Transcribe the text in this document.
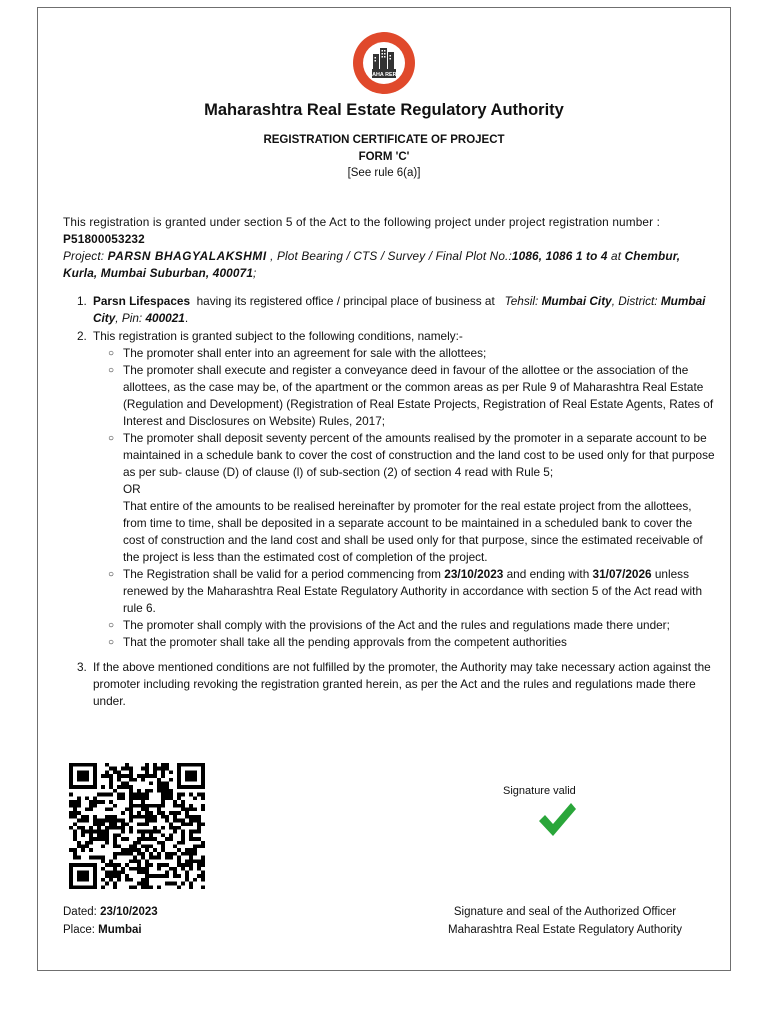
MAHA RERA
Maharashtra Real Estate Regulatory Authority
REGISTRATION CERTIFICATE OF PROJECT
FORM 'C'
[See rule 6(a)]

This registration is granted under section 5 of the Act to the following project under project registration number :

P51800053232

Project: PARSN BHAGYALAKSHMI , Plot Bearing / CTS / Survey / Final Plot No.:1086, 1086 1 to 4 at Chembur, Kurla, Mumbai Suburban, 400071;

1. Parsn Lifespaces  having its registered office / principal place of business at   Tehsil: Mumbai City, District: Mumbai City, Pin: 400021.
2. This registration is granted subject to the following conditions, namely:-
○ The promoter shall enter into an agreement for sale with the allottees;
○ The promoter shall execute and register a conveyance deed in favour of the allottee or the association of the allottees, as the case may be, of the apartment or the common areas as per Rule 9 of Maharashtra Real Estate (Regulation and Development) (Registration of Real Estate Projects, Registration of Real Estate Agents, Rates of Interest and Disclosures on Website) Rules, 2017;
○ The promoter shall deposit seventy percent of the amounts realised by the promoter in a separate account to be maintained in a schedule bank to cover the cost of construction and the land cost to be used only for that purpose as per sub- clause (D) of clause (l) of sub-section (2) of section 4 read with Rule 5;
OR
That entire of the amounts to be realised hereinafter by promoter for the real estate project from the allottees, from time to time, shall be deposited in a separate account to be maintained in a scheduled bank to cover the cost of construction and the land cost and shall be used only for that purpose, since the estimated receivable of the project is less than the estimated cost of completion of the project.
○ The Registration shall be valid for a period commencing from 23/10/2023 and ending with 31/07/2026 unless renewed by the Maharashtra Real Estate Regulatory Authority in accordance with section 5 of the Act read with rule 6.
○ The promoter shall comply with the provisions of the Act and the rules and regulations made there under;
○ That the promoter shall take all the pending approvals from the competent authorities
3. If the above mentioned conditions are not fulfilled by the promoter, the Authority may take necessary action against the promoter including revoking the registration granted herein, as per the Act and the rules and regulations made there under.
Signature valid
Dated: 23/10/2023
Place: Mumbai
Signature and seal of the Authorized Officer
Maharashtra Real Estate Regulatory Authority
